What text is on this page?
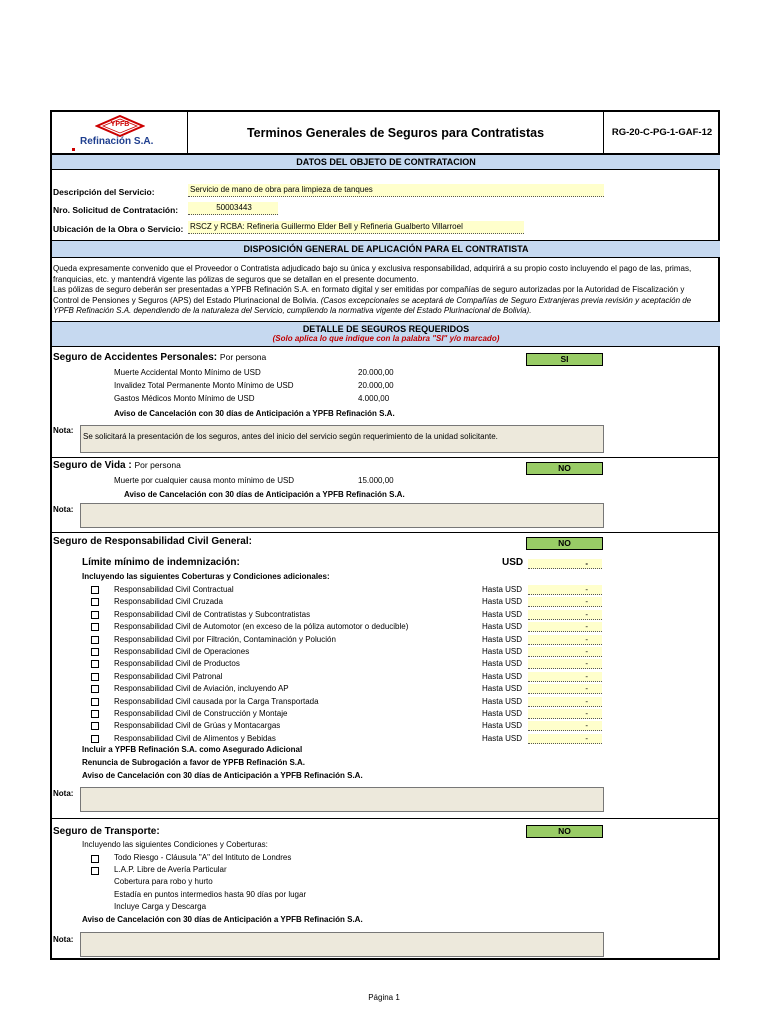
YPFB
Refinación S.A.
Terminos Generales de Seguros para Contratistas	RG-20-C-PG-1-GAF-12
DATOS DEL OBJETO DE CONTRATACION
Descripción del Servicio:	Servicio de mano de obra para limpieza de tanques
Nro. Solicitud de Contratación:	50003443
Ubicación de la Obra o Servicio: RSCZ y RCBA: Refineria Guillermo Elder Bell y Refineria Gualberto Villarroel
DISPOSICIÓN GENERAL DE APLICACIÓN PARA EL CONTRATISTA
Queda expresamente convenido que el Proveedor o Contratista adjudicado bajo su única y exclusiva responsabilidad, adquirirá a su propio costo incluyendo el pago de las, primas,
franquicias, etc. y mantendrá vigente las pólizas de seguros que se detallan en el presente documento.
Las pólizas de seguro deberán ser presentadas a YPFB Refinación S.A. en formato digital y ser emitidas por compañías de seguro autorizadas por la Autoridad de Fiscalización y
Control de Pensiones y Seguros (APS) del Estado Plurinacional de Bolivia. (Casos excepcionales se aceptará de Compañías de Seguro Extranjeras previa revisión y aceptación de
YPFB Refinación S.A. dependiendo de la naturaleza del Servicio, cumpliendo la normativa vigente del Estado Plurinacional de Bolivia).
DETALLE DE SEGUROS REQUERIDOS
(Solo aplica lo que indique con la palabra "SI" y/o marcado)
Seguro de Accidentes Personales: Por persona	SI
Muerte Accidental Monto Mínimo de USD	20.000,00
Invalidez Total Permanente Monto Mínimo de USD	20.000,00
Gastos Médicos Monto Mínimo de USD	4.000,00
Aviso de Cancelación con 30 días de Anticipación a YPFB Refinación S.A.
Nota:
Se solicitará la presentación de los seguros, antes del inicio del servicio según requerimiento de la unidad solicitante.
Seguro de Vida : Por persona	NO
Muerte por cualquier causa monto mínimo de USD	15.000,00
Aviso de Cancelación con 30 días de Anticipación a YPFB Refinación S.A.
Nota:
Seguro de Responsabilidad Civil General:	NO
Límite mínimo de indemnización:	USD	-
Incluyendo las siguientes Coberturas y Condiciones adicionales:
Responsabilidad Civil Contractual	Hasta USD	-
Responsabilidad Civil Cruzada	Hasta USD	-
Responsabilidad Civil de Contratistas y Subcontratistas	Hasta USD	-
Responsabilidad Civil de Automotor (en exceso de la póliza automotor o deducible)	Hasta USD	-
Responsabilidad Civil por Filtración, Contaminación y Polución	Hasta USD	-
Responsabilidad Civil de Operaciones	Hasta USD	-
Responsabilidad Civil de Productos	Hasta USD	-
Responsabilidad Civil Patronal	Hasta USD	-
Responsabilidad Civil de Aviación, incluyendo AP	Hasta USD	-
Responsabilidad Civil causada por la Carga Transportada	Hasta USD	-
Responsabilidad Civil de Construcción y Montaje	Hasta USD	-
Responsabilidad Civil de Grúas y Montacargas	Hasta USD	-
Responsabilidad Civil de Alimentos y Bebidas	Hasta USD	-
Incluir a YPFB Refinación S.A. como Asegurado Adicional
Renuncia de Subrogación a favor de YPFB Refinación S.A.
Aviso de Cancelación con 30 días de Anticipación a YPFB Refinación S.A.
Nota:
Seguro de Transporte:	NO
Incluyendo las siguientes Condiciones y Coberturas:
Todo Riesgo - Cláusula "A" del Intituto de Londres
L.A.P. Libre de Avería Particular
Cobertura para robo y hurto
Estadía en puntos intermedios hasta 90 días por lugar
Incluye Carga y Descarga
Aviso de Cancelación con 30 días de Anticipación a YPFB Refinación S.A.
Nota:
Página 1
